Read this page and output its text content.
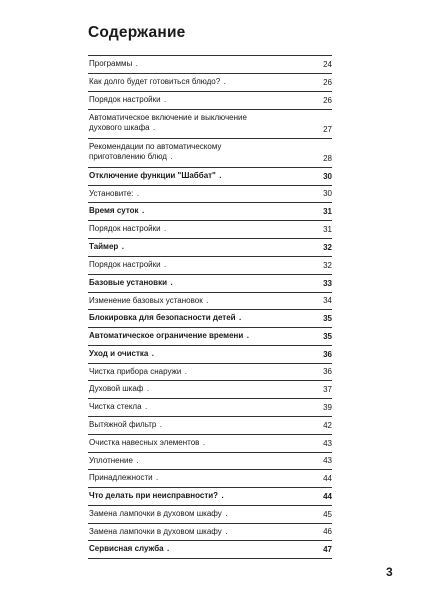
Содержание
Программы .	24
Как долго будет готовиться блюдо? .	26
Порядок настройки .	26
Автоматическое включение и выключение
духового шкафа .	27
Рекомендации по автоматическому
приготовлению блюд .	28
Отключение функции "Шаббат" .	30
Установите: .	30
Время суток .	31
Порядок настройки .	31
Таймер .	32
Порядок настройки .	32
Базовые установки .	33
Изменение базовых установок .	34
Блокировка для безопасности детей .	35
Автоматическое ограничение времени .	35
Уход и очистка .	36
Чистка прибора снаружи .	36
Духовой шкаф .	37
Чистка стекла .	39
Вытяжной фильтр .	42
Очистка навесных элементов .	43
Уплотнение .	43
Принадлежности .	44
Что делать при неисправности? .	44
Замена лампочки в духовом шкафу .	45
Замена лампочки в духовом шкафу .	46
Сервисная служба .	47
3
